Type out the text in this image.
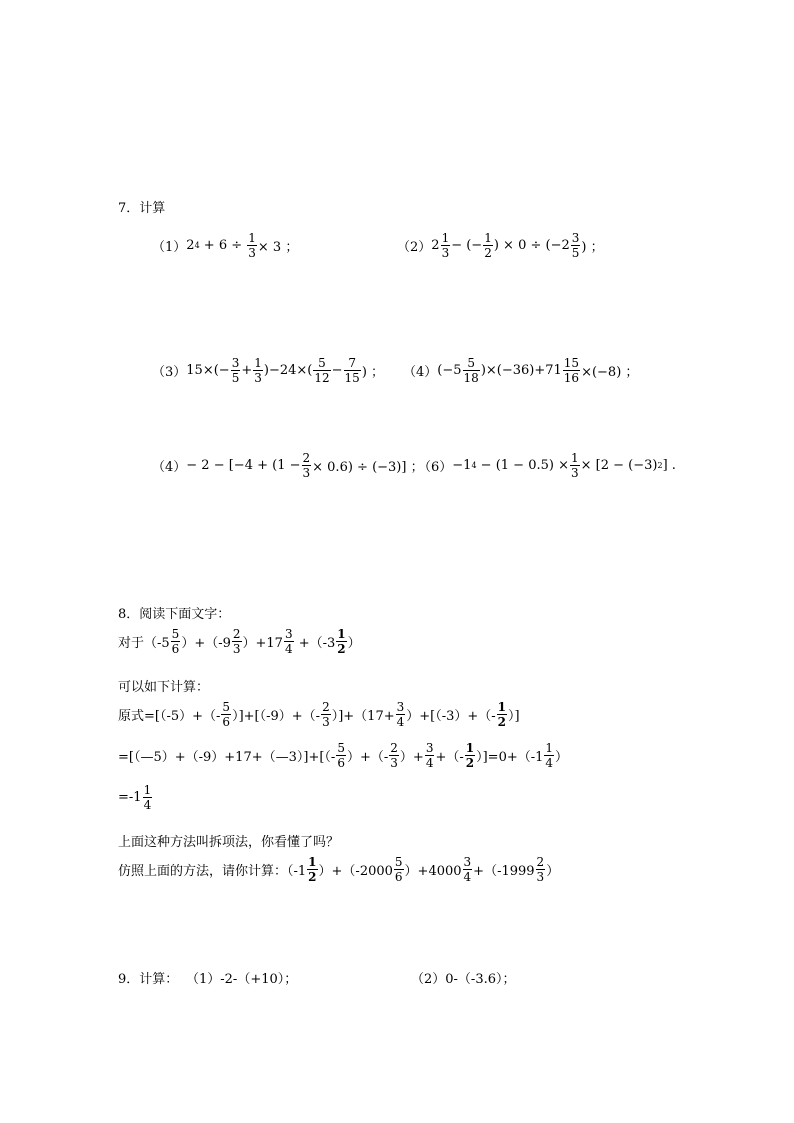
7．计算
（1） 2 $4 + 6 \div \frac{1}{3} \times 3$ ；	（2） $2 \frac{1}{3}$ − (− $\frac{1}{2}$ ) × $0 \div (-2 \frac{3}{5}$ ) ；
（3） $15\times(- \frac{3}{5} + \frac{1}{3} )-24\times( \frac{5}{12} - \frac{7}{15}$ ) ； （4） $(-5 \frac{5}{18} )\times(-36)+71 \frac{15}{16} \times(-8)$ ；
$(4) - 2 - [-4 + (1 - \frac{2}{3} \times 0.6) \div (-3)]$ ；
（6） −1 $4 - (1 - 0.5) \times \frac{1}{3} \times [2 - (-3)$ 2 ] .
8．阅读下面文字：
对于$(-5 \frac{5}{6} )+(-9 \frac{2}{3} )+17 \frac{3}{4} +(-3 \frac{1}{2}$ ）
可以如下计算：
原式$=[(-5)+(- \frac{5}{6} )]+[(-9)+(- \frac{2}{3} )]+(17+ \frac{3}{4} )+[(-3)+(- \frac{1}{2}$ ）]
=[（—5）+（-9）+17+（—3）]+[（- $\frac{5}{6}$ ）+（- $\frac{2}{3}$ ）+ $\frac{3}{4}$ +（- $\frac{1}{2} )]=0+(-1 \frac{1}{4}$ ）
$=-1 \frac{1}{4}$
上面这种方法叫拆项法，你看懂了吗？
仿照上面的方法，请你计算：$(-1 \frac{1}{2} )+(-2000 \frac{5}{6} )+4000 \frac{3}{4} +(-1999 \frac{2}{3}$ ）
9．计算： （1）-2-（+10）；	（2）0-（-3.6）；
